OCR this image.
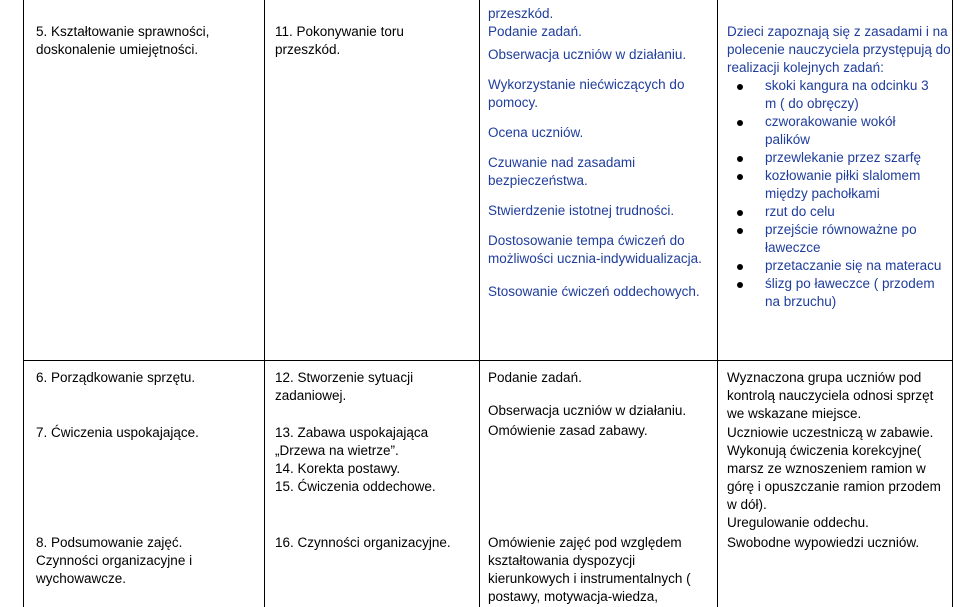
5. Kształtowanie sprawności,
doskonalenie umiejętności.
11. Pokonywanie toru
przeszkód.
przeszkód.
Podanie zadań.
Obserwacja uczniów w działaniu.
Wykorzystanie niećwiczących do
pomocy.
Ocena uczniów.
Czuwanie nad zasadami
bezpieczeństwa.
Stwierdzenie istotnej trudności.
Dostosowanie tempa ćwiczeń do
możliwości ucznia-indywidualizacja.
Stosowanie ćwiczeń oddechowych.
Dzieci zapoznają się z zasadami i na
polecenie nauczyciela przystępują do
realizacji kolejnych zadań:
skoki kangura na odcinku 3
m ( do obręczy)
czworakowanie wokół
palików
przewlekanie przez szarfę
kozłowanie piłki slalomem
między pachołkami
rzut do celu
przejście równoważne po
ławeczce
przetaczanie się na materacu
ślizg po ławeczce ( przodem
na brzuchu)
6. Porządkowanie sprzętu.
7. Ćwiczenia uspokajające.
12. Stworzenie sytuacji
zadaniowej.
13. Zabawa uspokajająca
„Drzewa na wietrze”.
14. Korekta postawy.
15. Ćwiczenia oddechowe.
Podanie zadań.
Obserwacja uczniów w działaniu.
Omówienie zasad zabawy.
Wyznaczona grupa uczniów pod
kontrolą nauczyciela odnosi sprzęt
we wskazane miejsce.
Uczniowie uczestniczą w zabawie.
Wykonują ćwiczenia korekcyjne(
marsz ze wznoszeniem ramion w
górę i opuszczanie ramion przodem
w dół).
Uregulowanie oddechu.
8. Podsumowanie zajęć.
Czynności organizacyjne i
wychowawcze.
16. Czynności organizacyjne.	Omówienie zajęć pod względem
kształtowania dyspozycji
kierunkowych i instrumentalnych (
postawy, motywacja-wiedza,
Swobodne wypowiedzi uczniów.
